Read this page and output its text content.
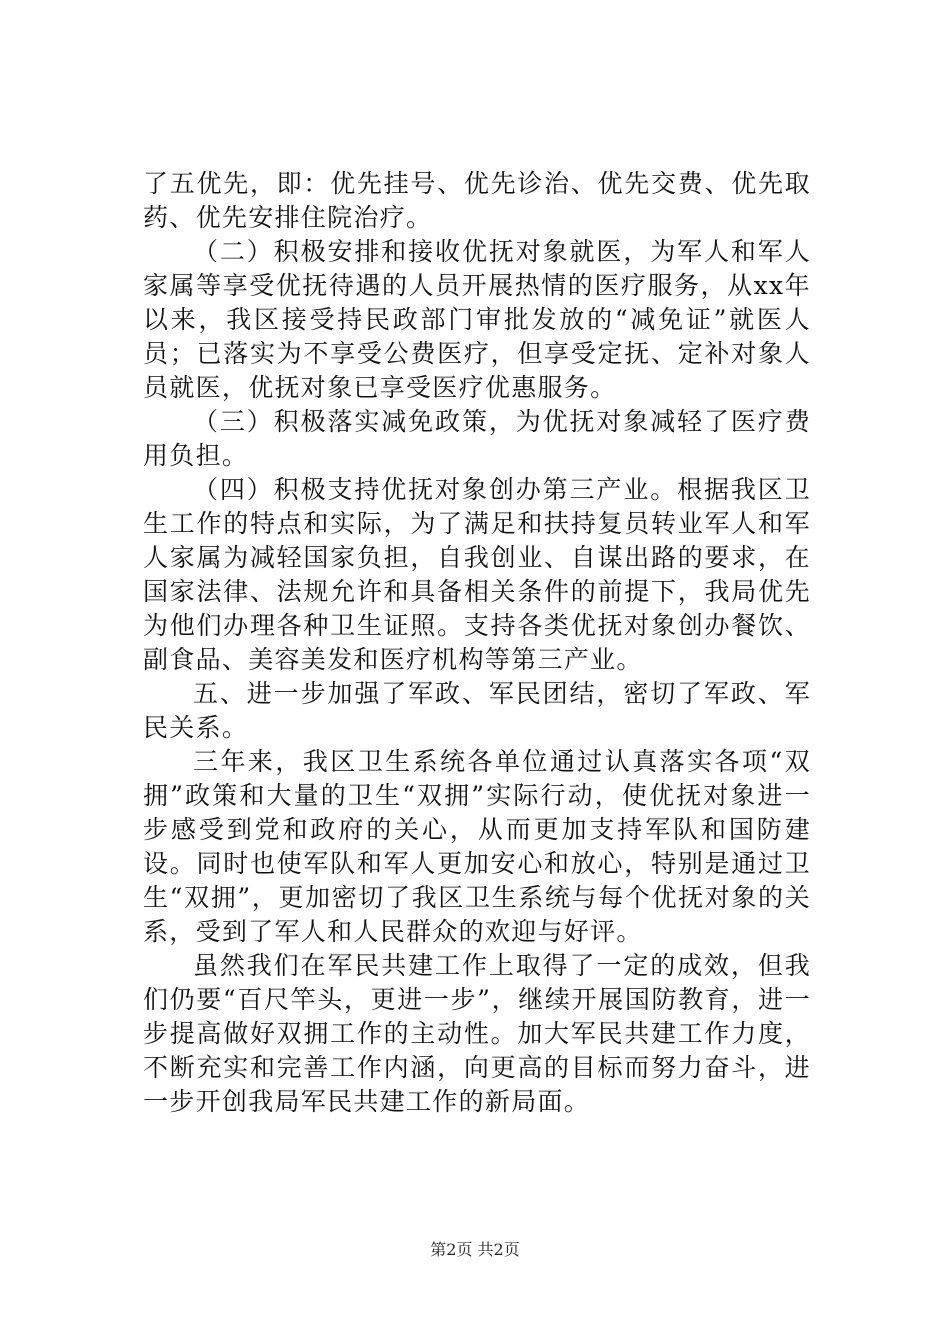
了五优先，即：优先挂号、优先诊治、优先交费、优先取药、优先安排住院治疗。

（二）积极安排和接收优抚对象就医，为军人和军人家属等享受优抚待遇的人员开展热情的医疗服务，从xx年以来，我区接受持民政部门审批发放的“减免证”就医人员；已落实为不享受公费医疗，但享受定抚、定补对象人员就医，优抚对象已享受医疗优惠服务。

（三）积极落实减免政策，为优抚对象减轻了医疗费用负担。

（四）积极支持优抚对象创办第三产业。根据我区卫生工作的特点和实际，为了满足和扶持复员转业军人和军人家属为减轻国家负担，自我创业、自谋出路的要求，在国家法律、法规允许和具备相关条件的前提下，我局优先为他们办理各种卫生证照。支持各类优抚对象创办餐饮、副食品、美容美发和医疗机构等第三产业。

五、进一步加强了军政、军民团结，密切了军政、军民关系。

三年来，我区卫生系统各单位通过认真落实各项“双拥”政策和大量的卫生“双拥”实际行动，使优抚对象进一步感受到党和政府的关心，从而更加支持军队和国防建设。同时也使军队和军人更加安心和放心，特别是通过卫生“双拥”，更加密切了我区卫生系统与每个优抚对象的关系，受到了军人和人民群众的欢迎与好评。

虽然我们在军民共建工作上取得了一定的成效，但我们仍要“百尺竿头，更进一步”，继续开展国防教育，进一步提高做好双拥工作的主动性。加大军民共建工作力度，不断充实和完善工作内涵，向更高的目标而努力奋斗，进一步开创我局军民共建工作的新局面。

第2页 共2页
